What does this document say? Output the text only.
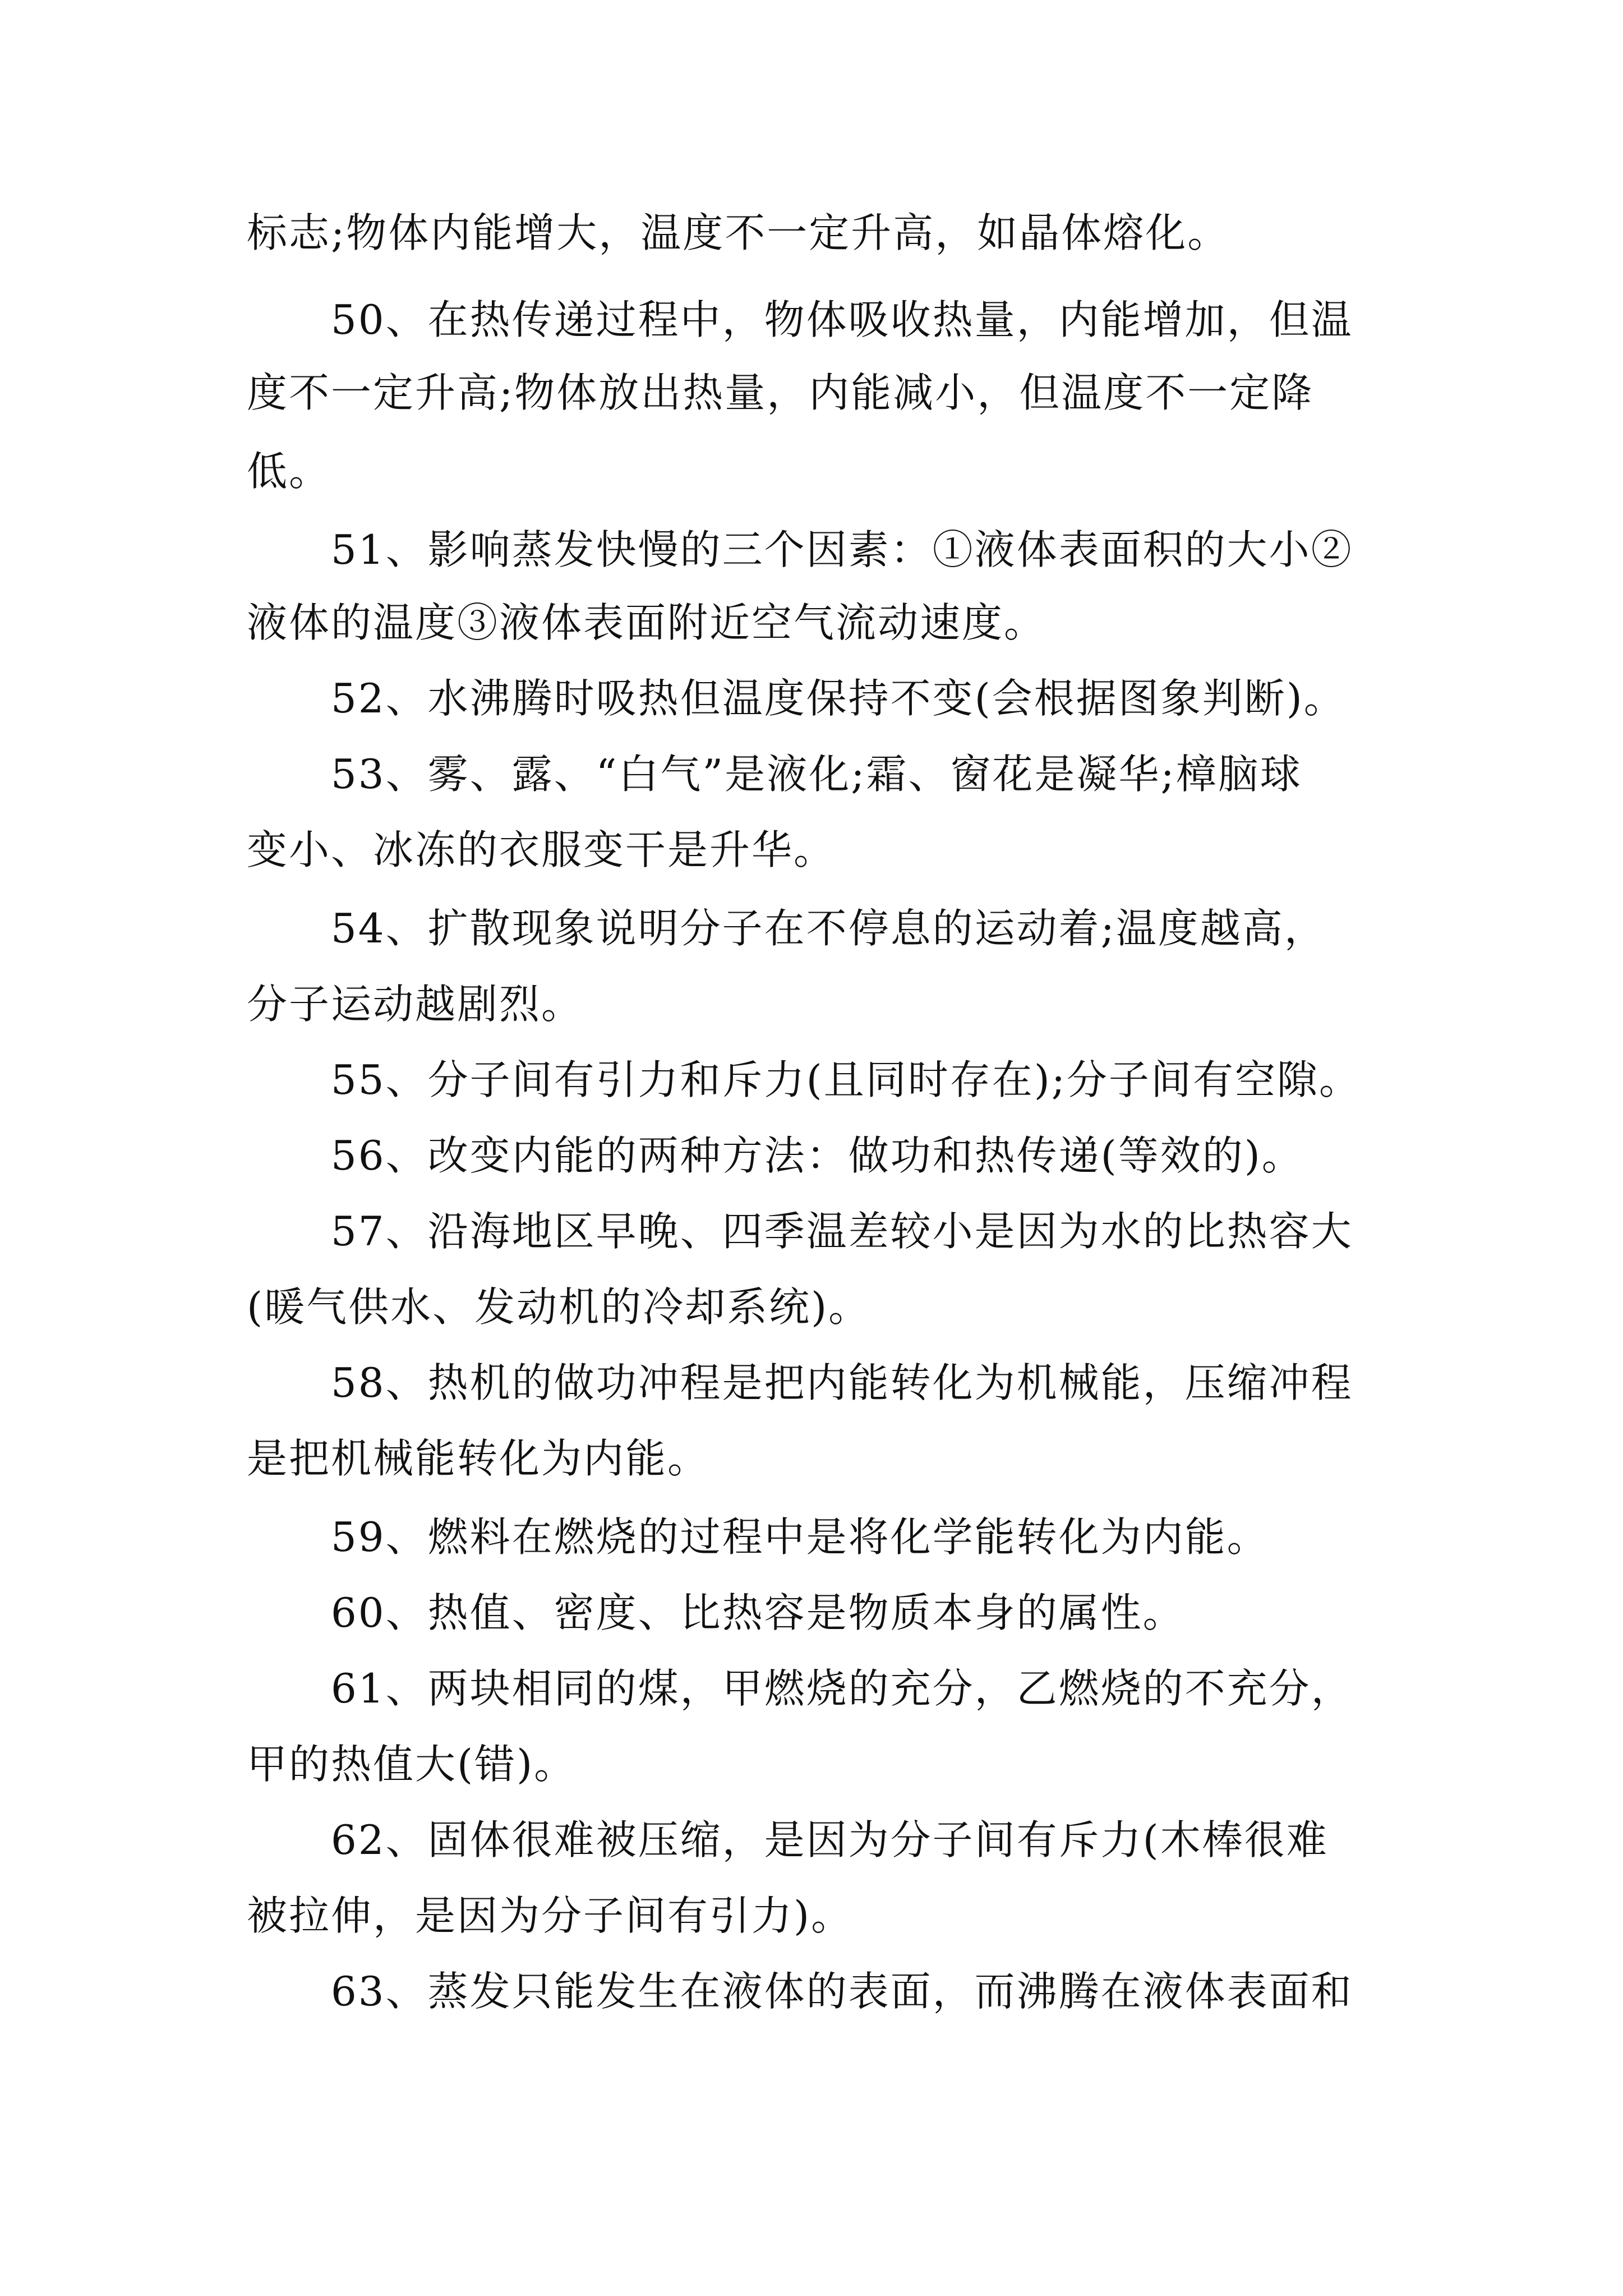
标志;物体内能增大，温度不一定升高，如晶体熔化。
50、在热传递过程中，物体吸收热量，内能增加，但温
度不一定升高;物体放出热量，内能减小，但温度不一定降
低。
51、影响蒸发快慢的三个因素：①液体表面积的大小②
液体的温度③液体表面附近空气流动速度。
52、水沸腾时吸热但温度保持不变(会根据图象判断)。
53、雾、露、“白气”是液化;霜、窗花是凝华;樟脑球
变小、冰冻的衣服变干是升华。
54、扩散现象说明分子在不停息的运动着;温度越高，
分子运动越剧烈。
55、分子间有引力和斥力(且同时存在);分子间有空隙。
56、改变内能的两种方法：做功和热传递(等效的)。
57、沿海地区早晚、四季温差较小是因为水的比热容大
(暖气供水、发动机的冷却系统)。
58、热机的做功冲程是把内能转化为机械能，压缩冲程
是把机械能转化为内能。
59、燃料在燃烧的过程中是将化学能转化为内能。
60、热值、密度、比热容是物质本身的属性。
61、两块相同的煤，甲燃烧的充分，乙燃烧的不充分，
甲的热值大(错)。
62、固体很难被压缩，是因为分子间有斥力(木棒很难
被拉伸，是因为分子间有引力)。
63、蒸发只能发生在液体的表面，而沸腾在液体表面和
